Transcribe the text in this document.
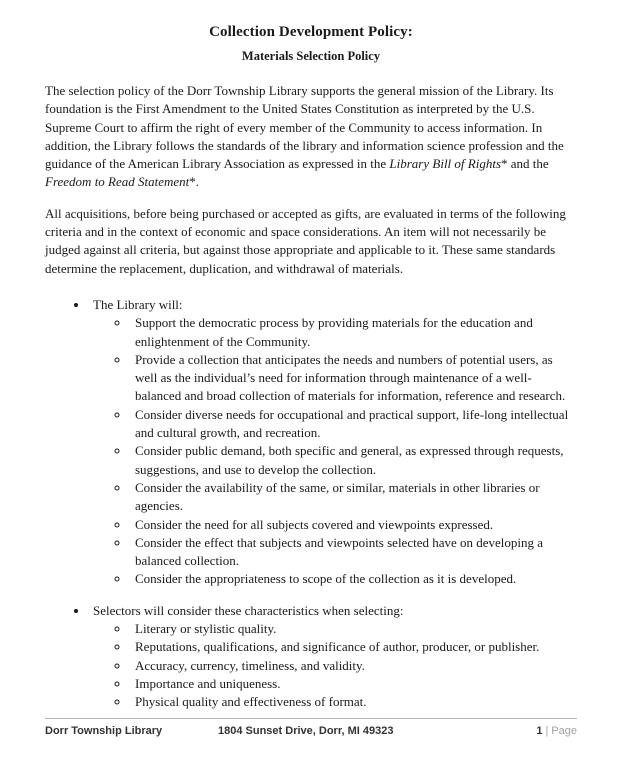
Collection Development Policy:
Materials Selection Policy

The selection policy of the Dorr Township Library supports the general mission of the Library. Its foundation is the First Amendment to the United States Constitution as interpreted by the U.S. Supreme Court to affirm the right of every member of the Community to access information. In addition, the Library follows the standards of the library and information science profession and the guidance of the American Library Association as expressed in the Library Bill of Rights* and the Freedom to Read Statement*.

All acquisitions, before being purchased or accepted as gifts, are evaluated in terms of the following criteria and in the context of economic and space considerations. An item will not necessarily be judged against all criteria, but against those appropriate and applicable to it. These same standards determine the replacement, duplication, and withdrawal of materials.

• The Library will:
◦ Support the democratic process by providing materials for the education and enlightenment of the Community.
◦ Provide a collection that anticipates the needs and numbers of potential users, as well as the individual’s need for information through maintenance of a well-balanced and broad collection of materials for information, reference and research.
◦ Consider diverse needs for occupational and practical support, life-long intellectual and cultural growth, and recreation.
◦ Consider public demand, both specific and general, as expressed through requests, suggestions, and use to develop the collection.
◦ Consider the availability of the same, or similar, materials in other libraries or agencies.
◦ Consider the need for all subjects covered and viewpoints expressed.
◦ Consider the effect that subjects and viewpoints selected have on developing a balanced collection.
◦ Consider the appropriateness to scope of the collection as it is developed.
• Selectors will consider these characteristics when selecting:
◦ Literary or stylistic quality.
◦ Reputations, qualifications, and significance of author, producer, or publisher.
◦ Accuracy, currency, timeliness, and validity.
◦ Importance and uniqueness.
◦ Physical quality and effectiveness of format.
Dorr Township Library	1804 Sunset Drive, Dorr, MI 49323	1 | Page
